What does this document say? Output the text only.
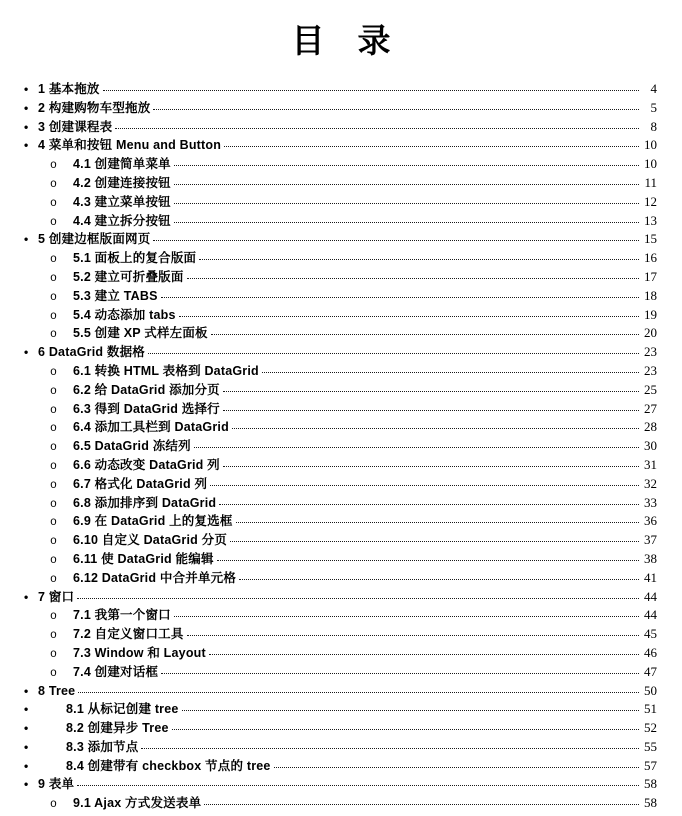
目　录
• 1 基本拖放	4
• 2 构建购物车型拖放	5
• 3 创建课程表	8
• 4 菜单和按钮 Menu and Button	10
o	4.1 创建简单菜单	10
o	4.2 创建连接按钮	11
o	4.3 建立菜单按钮	12
o	4.4 建立拆分按钮	13
• 5 创建边框版面网页	15
o	5.1 面板上的复合版面	16
o	5.2 建立可折叠版面	17
o	5.3 建立 TABS	18
o	5.4 动态添加 tabs	19
o	5.5 创建 XP 式样左面板	20
• 6 DataGrid 数据格	23
o	6.1 转换 HTML 表格到 DataGrid	23
o	6.2 给 DataGrid 添加分页	25
o	6.3 得到 DataGrid 选择行	27
o	6.4 添加工具栏到 DataGrid	28
o	6.5 DataGrid 冻结列	30
o	6.6 动态改变 DataGrid 列	31
o	6.7 格式化 DataGrid 列	32
o	6.8 添加排序到 DataGrid	33
o	6.9 在 DataGrid 上的复选框	36
o	6.10 自定义 DataGrid 分页	37
o	6.11 使 DataGrid 能编辑	38
o	6.12 DataGrid 中合并单元格	41
• 7 窗口	44
o	7.1 我第一个窗口	44
o	7.2 自定义窗口工具	45
o	7.3 Window 和 Layout	46
o	7.4 创建对话框	47
• 8 Tree	50
•	8.1 从标记创建 tree	51
•	8.2 创建异步 Tree	52
•	8.3 添加节点	55
•	8.4 创建带有 checkbox 节点的 tree	57
• 9 表单	58
o	9.1 Ajax 方式发送表单	58
